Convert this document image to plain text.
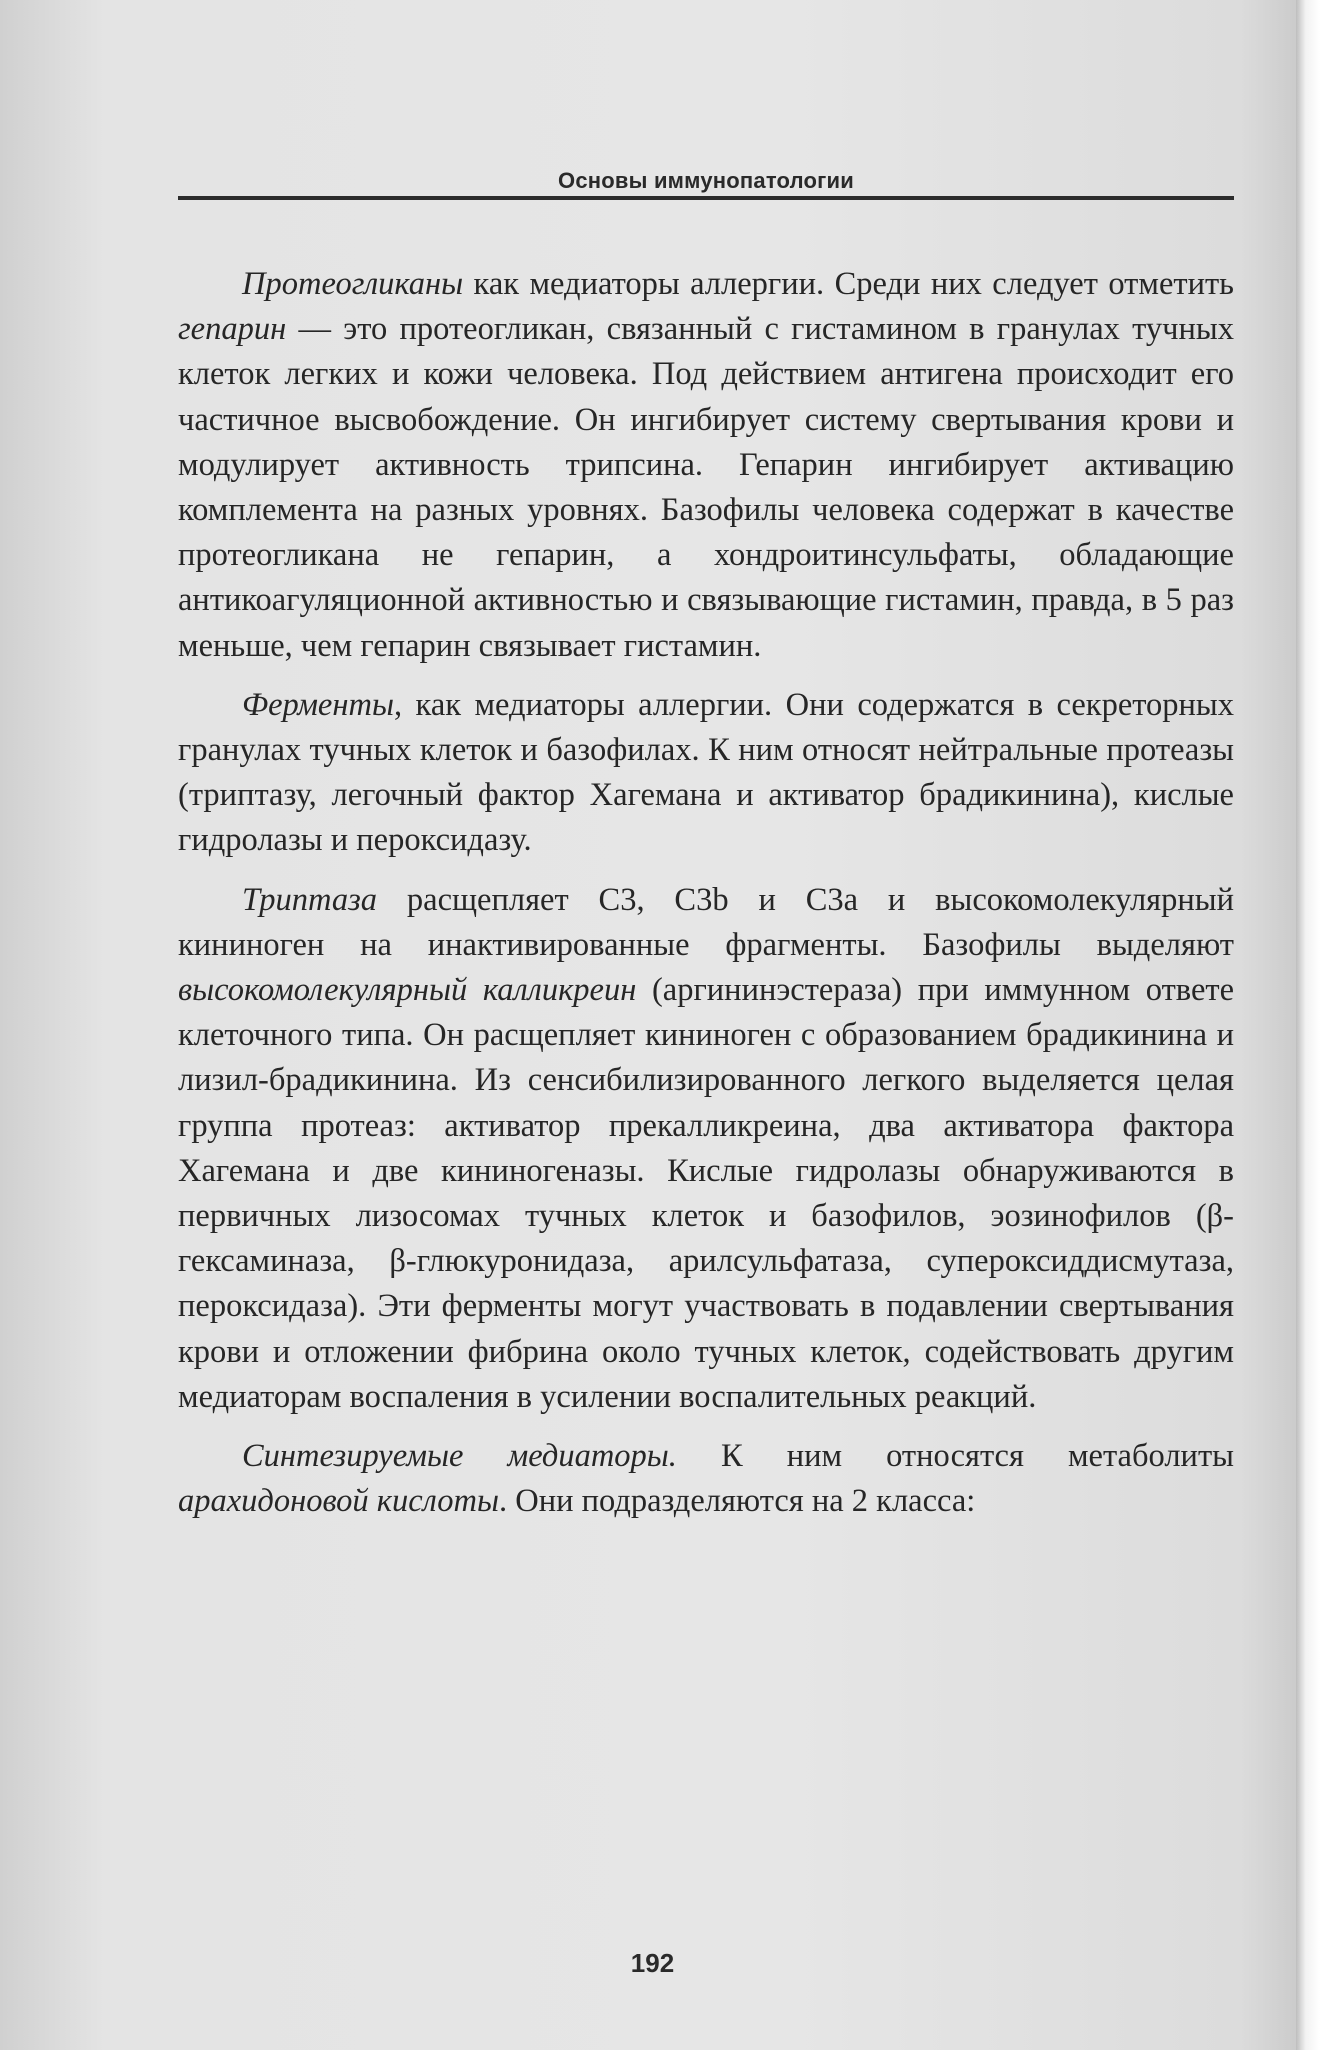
Основы иммунопатологии

Протеогликаны как медиаторы аллергии. Среди них следует отметить гепарин — это протеогликан, связанный с гистамином в гранулах тучных клеток легких и кожи человека. Под действием антигена происходит его частичное высвобождение. Он ингибирует систему свертывания крови и модулирует активность трипсина. Гепарин ингибирует активацию комплемента на разных уровнях. Базофилы человека содержат в качестве протеогликана не гепарин, а хондроитинсульфаты, обладающие антикоагуляционной активностью и связывающие гистамин, правда, в 5 раз меньше, чем гепарин связывает гистамин.

Ферменты, как медиаторы аллергии. Они содержатся в секреторных гранулах тучных клеток и базофилах. К ним относят нейтральные протеазы (триптазу, легочный фактор Хагемана и активатор брадикинина), кислые гидролазы и пероксидазу.

Триптаза расщепляет C3, C3b и C3a и высокомолекулярный кининоген на инактивированные фрагменты. Базофилы выделяют высокомолекулярный калликреин (аргининэстераза) при иммунном ответе клеточного типа. Он расщепляет кининоген с образованием брадикинина и лизил-брадикинина. Из сенсибилизированного легкого выделяется целая группа протеаз: активатор прекалликреина, два активатора фактора Хагемана и две кининогеназы. Кислые гидролазы обнаруживаются в первичных лизосомах тучных клеток и базофилов, эозинофилов (β-гексаминаза, β-глюкуронидаза, арилсульфатаза, супероксиддисмутаза, пероксидаза). Эти ферменты могут участвовать в подавлении свертывания крови и отложении фибрина около тучных клеток, содействовать другим медиаторам воспаления в усилении воспалительных реакций.

Синтезируемые медиаторы. К ним относятся метаболиты арахидоновой кислоты. Они подразделяются на 2 класса:

192
